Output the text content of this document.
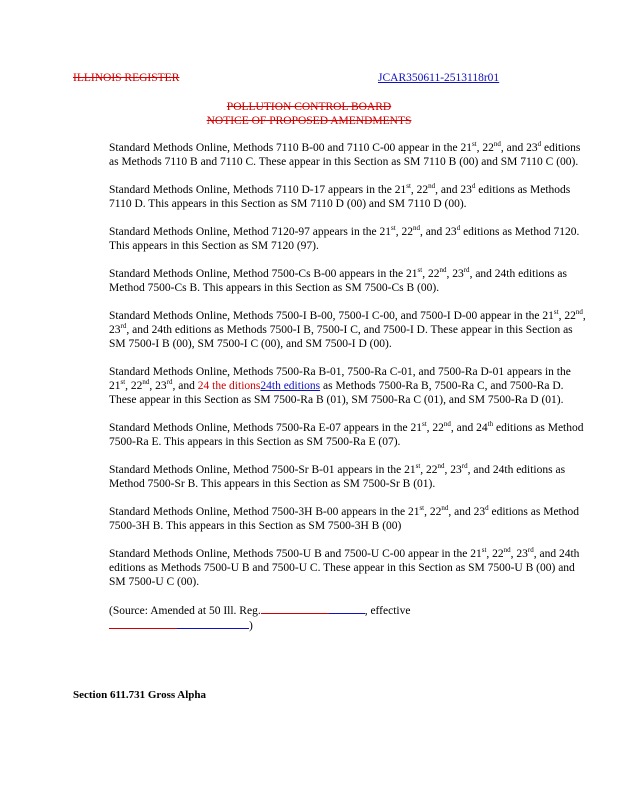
ILLINOIS REGISTER	JCAR350611-2513118r01
POLLUTION CONTROL BOARD
NOTICE OF PROPOSED AMENDMENTS

Standard Methods Online, Methods 7110 B-00 and 7110 C-00 appear in the 21st, 22nd, and 23$^d$ editions as Methods 7110 B and 7110 C. These appear in this Section as SM 7110 B (00) and SM 7110 C (00).

Standard Methods Online, Methods 7110 D-17 appears in the 21st, 22nd, and 23$^d$ editions as Methods 7110 D. This appears in this Section as SM 7110 D (00) and SM 7110 D (00).

Standard Methods Online, Method 7120-97 appears in the 21st, 22nd, and 23$^d$ editions as Method 7120. This appears in this Section as SM 7120 (97).

Standard Methods Online, Method 7500-Cs B-00 appears in the 21st, 22nd, 23rd, and 24th editions as Method 7500-Cs B. This appears in this Section as SM 7500-Cs B (00).

Standard Methods Online, Methods 7500-I B-00, 7500-I C-00, and 7500-I D-00 appear in the 21st, 22nd, 23rd, and 24th editions as Methods 7500-I B, 7500-I C, and 7500-I D. These appear in this Section as SM 7500-I B (00), SM 7500-I C (00), and SM 7500-I D (00).

Standard Methods Online, Methods 7500-Ra B-01, 7500-Ra C-01, and 7500-Ra D-01 appears in the 21st, 22nd, 23rd, and 24 the ditions24th editions as Methods 7500-Ra B, 7500-Ra C, and 7500-Ra D. These appear in this Section as SM 7500-Ra B (01), SM 7500-Ra C (01), and SM 7500-Ra D (01).

Standard Methods Online, Methods 7500-Ra E-07 appears in the 21st, 22nd, and 24th editions as Method 7500-Ra E. This appears in this Section as SM 7500-Ra E (07).

Standard Methods Online, Method 7500-Sr B-01 appears in the 21st, 22nd, 23rd, and 24th editions as Method 7500-Sr B. This appears in this Section as SM 7500-Sr B (01).

Standard Methods Online, Method 7500-3H B-00 appears in the 21st, 22nd, and 23$^d$ editions as Method 7500-3H B. This appears in this Section as SM 7500-3H B (00)

Standard Methods Online, Methods 7500-U B and 7500-U C-00 appear in the 21st, 22nd, 23rd, and 24th editions as Methods 7500-U B and 7500-U C. These appear in this Section as SM 7500-U B (00) and SM 7500-U C (00).

(Source: Amended at 50 Ill. Reg.	, effective
)

Section 611.731 Gross Alpha
